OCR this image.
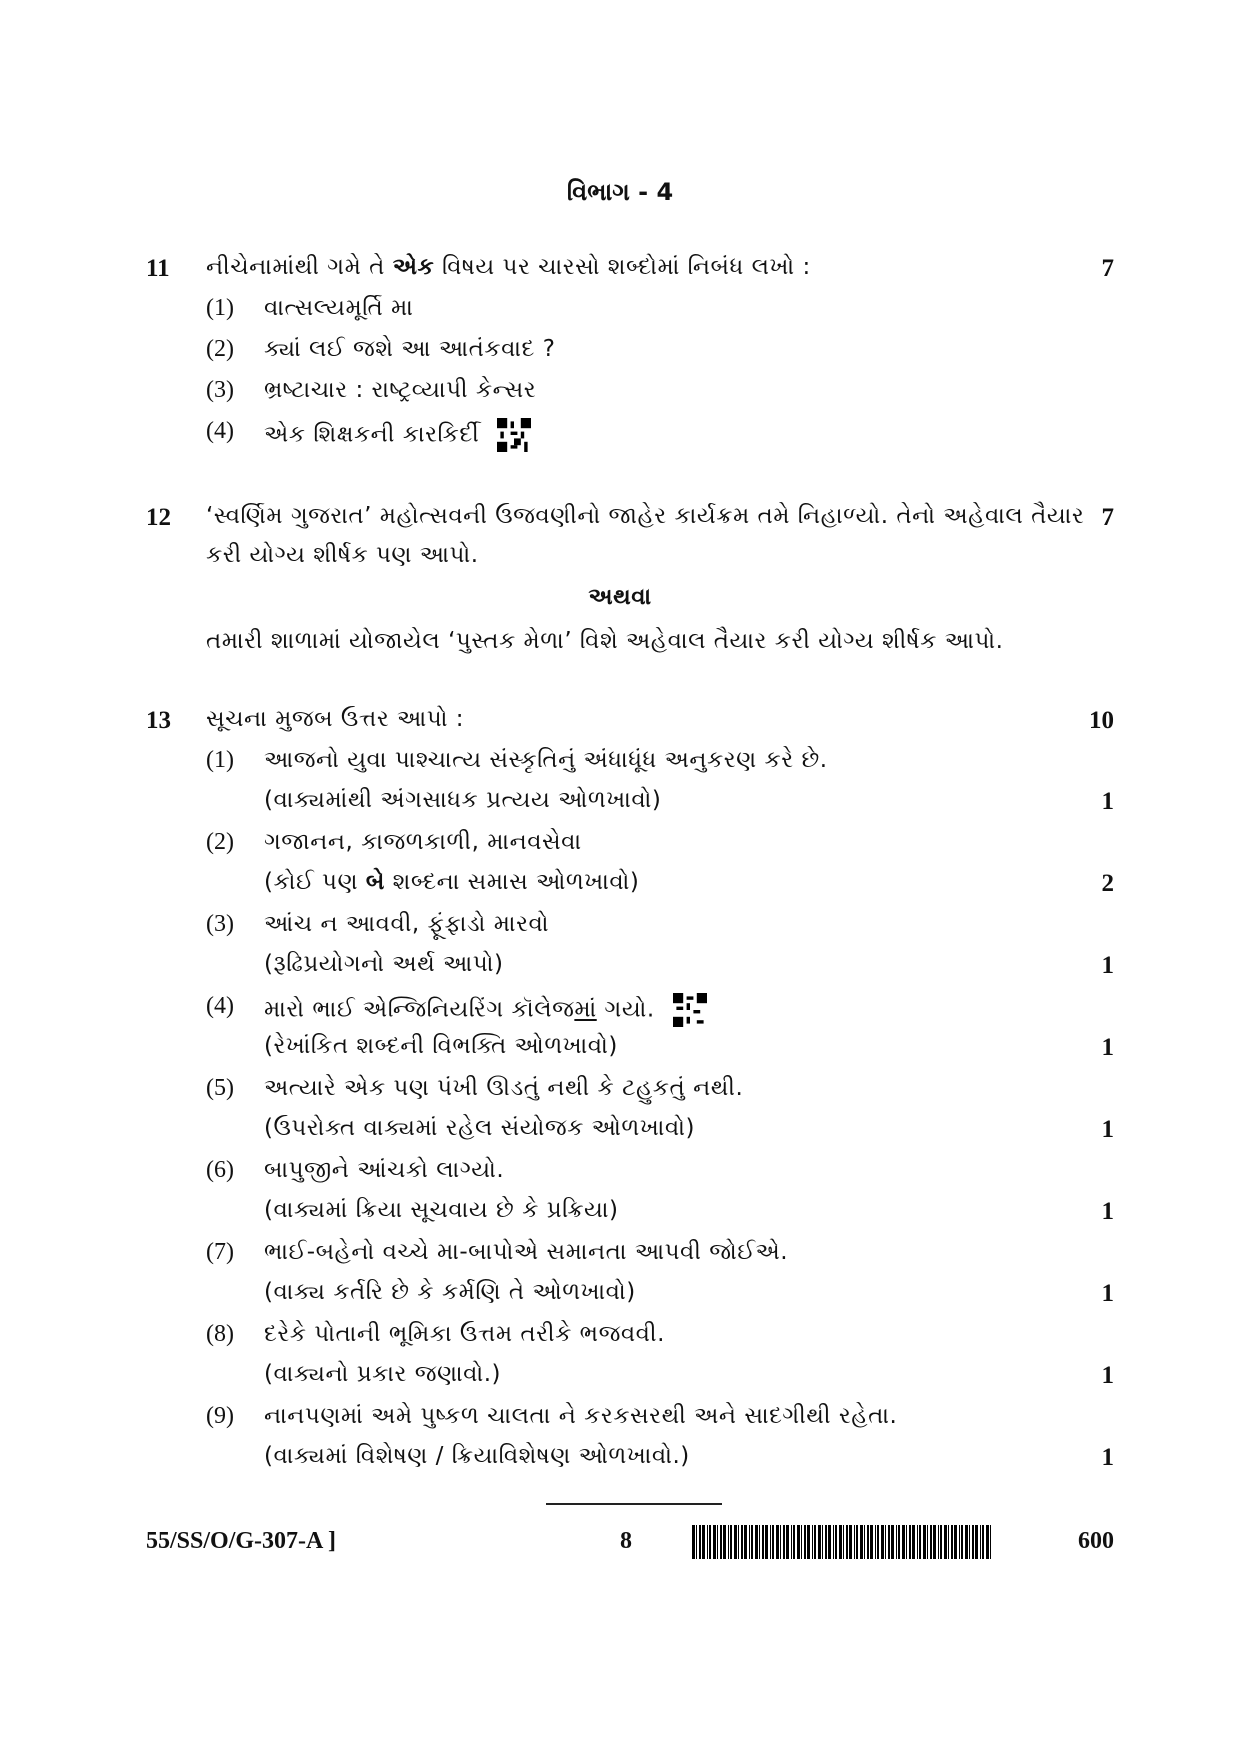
વિભાગ - 4
11 નીચેનામાંથી ગમે તે એક વિષય પર ચારસો શબ્દોમાં નિબંધ લખો :	7
(1) વાત્સલ્યમૂર્તિ મા
(2) ક્યાં લઈ જશે આ આતંકવાદ ?
(3) ભ્રષ્ટાચાર : રાષ્ટ્રવ્યાપી કેન્સર
(4) એક શિક્ષકની કારકિર્દી
12 ‘સ્વર્ણિમ ગુજરાત’ મહોત્સવની ઉજવણીનો જાહેર કાર્યક્રમ તમે નિહાળ્યો. તેનો અહેવાલ તૈયાર 7
કરી યોગ્ય શીર્ષક પણ આપો.
અથવા
તમારી શાળામાં યોજાયેલ ‘પુસ્તક મેળા’ વિશે અહેવાલ તૈયાર કરી યોગ્ય શીર્ષક આપો.
13 સૂચના મુજબ ઉત્તર આપો :	10
(1) આજનો યુવા પાશ્ચાત્ય સંસ્કૃતિનું અંધાધૂંધ અનુકરણ કરે છે.
(વાક્યમાંથી અંગસાધક પ્રત્યય ઓળખાવો)	1
(2) ગજાનન, કાજળકાળી, માનવસેવા
(કોઈ પણ બે શબ્દના સમાસ ઓળખાવો)	2
(3) આંચ ન આવવી, ફૂંફાડો મારવો
(રૂઢિપ્રયોગનો અર્થ આપો)	1
(4) મારો ભાઈ એન્જિનિયરિંગ કૉલેજમાં ગયો.
(રેખાંકિત શબ્દની વિભક્તિ ઓળખાવો)	1
(5) અત્યારે એક પણ પંખી ઊડતું નથી કે ટહુકતું નથી.
(ઉપરોક્ત વાક્યમાં રહેલ સંયોજક ઓળખાવો)	1
(6) બાપુજીને આંચકો લાગ્યો.
(વાક્યમાં ક્રિયા સૂચવાય છે કે પ્રક્રિયા)	1
(7) ભાઈ-બહેનો વચ્ચે મા-બાપોએ સમાનતા આપવી જોઈએ.
(વાક્ય કર્તરિ છે કે કર્મણિ તે ઓળખાવો)	1
(8) દરેકે પોતાની ભૂમિકા ઉત્તમ તરીકે ભજવવી.
(વાક્યનો પ્રકાર જણાવો.)	1
(9) નાનપણમાં અમે પુષ્કળ ચાલતા ને કરકસરથી અને સાદગીથી રહેતા.
(વાક્યમાં વિશેષણ / ક્રિયાવિશેષણ ઓળખાવો.)	1
55/SS/O/G-307-A ]	8	600
